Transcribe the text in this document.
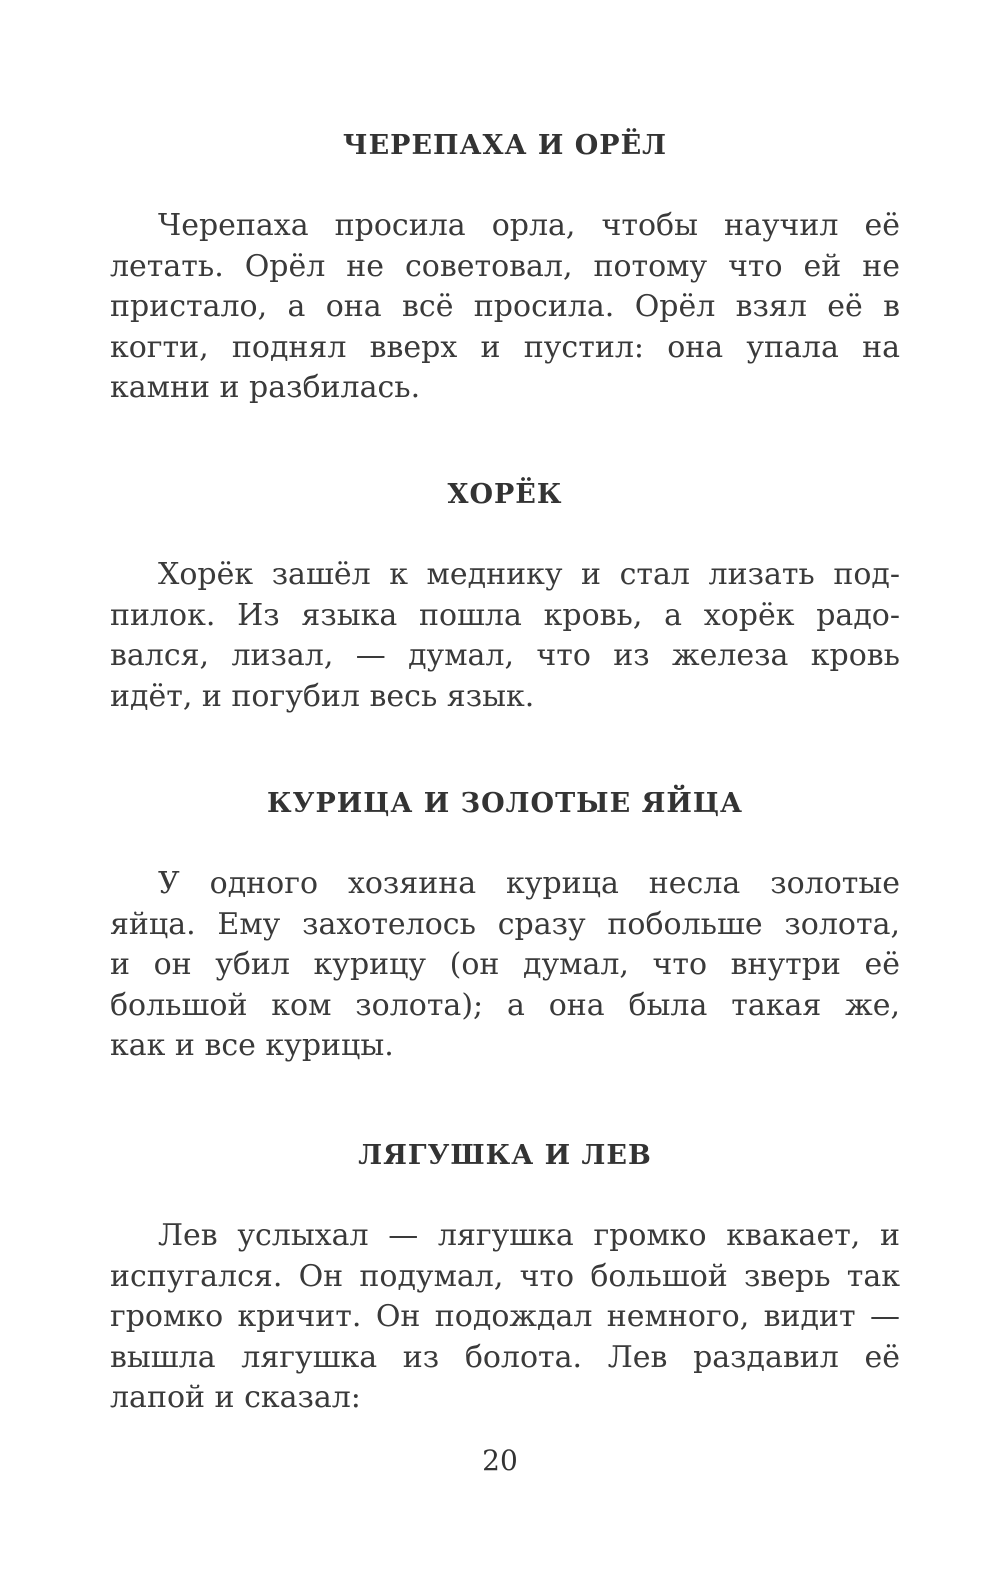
ЧЕРЕПАХА И ОРЁЛ
Черепаха просила орла, чтобы научил её
летать. Орёл не советовал, потому что ей не
пристало, а она всё просила. Орёл взял её в
когти, поднял вверх и пустил: она упала на
камни и разбилась.
ХОРЁК
Хорёк зашёл к меднику и стал лизать под-
пилок. Из языка пошла кровь, а хорёк радо-
вался, лизал, — думал, что из железа кровь
идёт, и погубил весь язык.
КУРИЦА И ЗОЛОТЫЕ ЯЙЦА
У одного хозяина курица несла золотые
яйца. Ему захотелось сразу побольше золота,
и он убил курицу (он думал, что внутри её
большой ком золота); а она была такая же,
как и все курицы.
ЛЯГУШКА И ЛЕВ
Лев услыхал — лягушка громко квакает, и
испугался. Он подумал, что большой зверь так
громко кричит. Он подождал немного, видит —
вышла лягушка из болота. Лев раздавил её
лапой и сказал:
20
